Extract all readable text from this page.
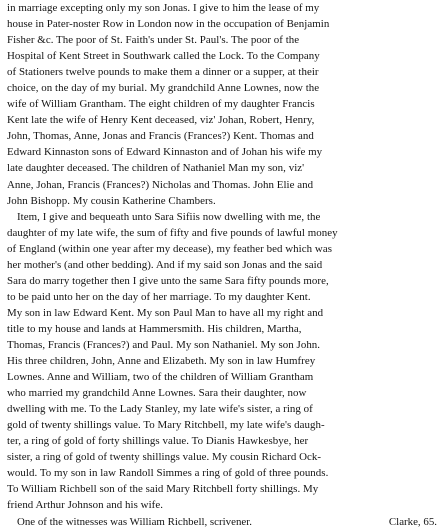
in marriage excepting only my son Jonas. I give to him the lease of my
house in Pater-noster Row in London now in the occupation of Benjamin
Fisher &c. The poor of St. Faith's under St. Paul's. The poor of the
Hospital of Kent Street in Southwark called the Lock. To the Company
of Stationers twelve pounds to make them a dinner or a supper, at their
choice, on the day of my burial. My grandchild Anne Lownes, now the
wife of William Grantham. The eight children of my daughter Francis
Kent late the wife of Henry Kent deceased, viz' Johan, Robert, Henry,
John, Thomas, Anne, Jonas and Francis (Frances?) Kent. Thomas and
Edward Kinnaston sons of Edward Kinnaston and of Johan his wife my
late daughter deceased. The children of Nathaniel Man my son, viz'
Anne, Johan, Francis (Frances?) Nicholas and Thomas. John Elie and
John Bishopp. My cousin Katherine Chambers.
Item, I give and bequeath unto Sara Sifiis now dwelling with me, the
daughter of my late wife, the sum of fifty and five pounds of lawful money
of England (within one year after my decease), my feather bed which was
her mother's (and other bedding). And if my said son Jonas and the said
Sara do marry together then I give unto the same Sara fifty pounds more,
to be paid unto her on the day of her marriage. To my daughter Kent.
My son in law Edward Kent. My son Paul Man to have all my right and
title to my house and lands at Hammersmith. His children, Martha,
Thomas, Francis (Frances?) and Paul. My son Nathaniel. My son John.
His three children, John, Anne and Elizabeth. My son in law Humfrey
Lownes. Anne and William, two of the children of William Grantham
who married my grandchild Anne Lownes. Sara their daughter, now
dwelling with me. To the Lady Stanley, my late wife's sister, a ring of
gold of twenty shillings value. To Mary Ritchbell, my late wife's daugh-
ter, a ring of gold of forty shillings value. To Dianis Hawkesbye, her
sister, a ring of gold of twenty shillings value. My cousin Richard Ock-
would. To my son in law Randoll Simmes a ring of gold of three pounds.
To William Richbell son of the said Mary Ritchbell forty shillings. My
friend Arthur Johnson and his wife.
One of the witnesses was William Richbell, scrivener.	Clarke, 65.
